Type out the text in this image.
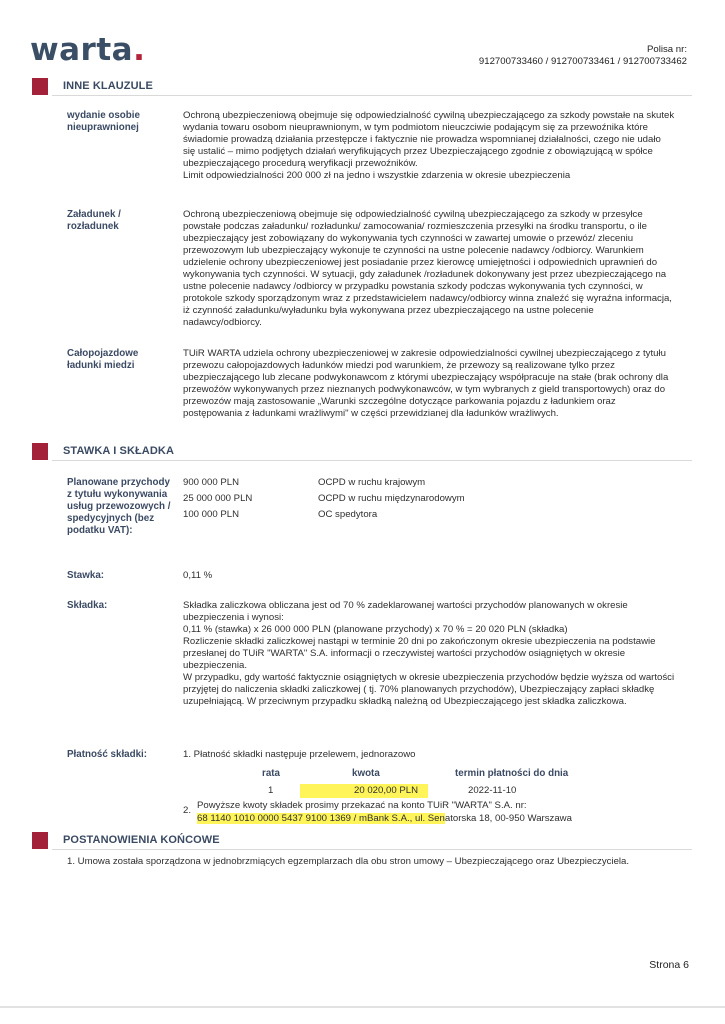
warta.	Polisa nr:
912700733460 / 912700733461 / 912700733462
INNE KLAUZULE
wydanie osobie nieuprawnionej
Ochroną ubezpieczeniową obejmuje się odpowiedzialność cywilną ubezpieczającego za szkody powstałe na skutek
wydania towaru osobom nieuprawnionym, w tym podmiotom nieuczciwie podającym się za przewoźnika które
świadomie prowadzą działania przestępcze i faktycznie nie prowadza wspomnianej działalności, czego nie udało
się ustalić – mimo podjętych działań weryfikujących przez Ubezpieczającego zgodnie z obowiązującą w spółce
ubezpieczającego procedurą weryfikacji przewoźników.
Limit odpowiedzialności 200 000 zł na jedno i wszystkie zdarzenia w okresie ubezpieczenia
Załadunek / rozładunek
Ochroną ubezpieczeniową obejmuje się odpowiedzialność cywilną ubezpieczającego za szkody w przesyłce
powstałe podczas załadunku/ rozładunku/ zamocowania/ rozmieszczenia przesyłki na środku transportu, o ile
ubezpieczający jest zobowiązany do wykonywania tych czynności w zawartej umowie o przewóz/ zleceniu
przewozowym lub ubezpieczający wykonuje te czynności na ustne polecenie nadawcy /odbiorcy. Warunkiem
udzielenie ochrony ubezpieczeniowej jest posiadanie przez kierowcę umiejętności i odpowiednich uprawnień do
wykonywania tych czynności. W sytuacji, gdy załadunek /rozładunek dokonywany jest przez ubezpieczającego na
ustne polecenie nadawcy /odbiorcy w przypadku powstania szkody podczas wykonywania tych czynności, w
protokole szkody sporządzonym wraz z przedstawicielem nadawcy/odbiorcy winna znaleźć się wyraźna informacja,
iż czynność załadunku/wyładunku była wykonywana przez ubezpieczającego na ustne polecenie
nadawcy/odbiorcy.
Całopojazdowe ładunki miedzi
TUiR WARTA udziela ochrony ubezpieczeniowej w zakresie odpowiedzialności cywilnej ubezpieczającego z tytułu
przewozu całopojazdowych ładunków miedzi pod warunkiem, że przewozy są realizowane tylko przez
ubezpieczającego lub zlecane podwykonawcom z którymi ubezpieczający współpracuje na stałe (brak ochrony dla
przewoźów wykonywanych przez nieznanych podwykonawców, w tym wybranych z gield transportowych) oraz do
przewozów mają zastosowanie „Warunki szczególne dotyczące parkowania pojazdu z ładunkiem oraz
postępowania z ładunkami wrażliwymi" w części przewidzianej dla ładunków wrażliwych.
STAWKA I SKŁADKA
Planowane przychody z tytułu wykonywania usług przewozowych / spedycyjnych (bez podatku VAT):
900 000 PLN	OCPD w ruchu krajowym
25 000 000 PLN	OCPD w ruchu międzynarodowym
100 000 PLN	OC spedytora
Stawka:	0,11 %
Składka:	Składka zaliczkowa obliczana jest od 70 % zadeklarowanej wartości przychodów planowanych w okresie
ubezpieczenia i wynosi:
0,11 % (stawka) x 26 000 000 PLN (planowane przychody) x 70 % = 20 020 PLN (składka)
Rozliczenie składki zaliczkowej nastąpi w terminie 20 dni po zakończonym okresie ubezpieczenia na podstawie
przesłanej do TUiR "WARTA" S.A. informacji o rzeczywistej wartości przychodów osiągniętych w okresie
ubezpieczenia.
W przypadku, gdy wartość faktycznie osiągniętych w okresie ubezpieczenia przychodów będzie wyższa od wartości
przyjętej do naliczenia składki zaliczkowej ( tj. 70% planowanych przychodów), Ubezpieczający zapłaci składkę
uzupełniającą. W przeciwnym przypadku składką należną od Ubezpieczającego jest składka zaliczkowa.
Płatność składki:	1. Płatność składki następuje przelewem, jednorazowo
rata	kwota	termin płatności do dnia
1	20 020,00 PLN	2022-11-10
2. Powyższe kwoty składek prosimy przekazać na konto TUiR "WARTA" S.A. nr:
68 1140 1010 0000 5437 9100 1369 / mBank S.A., ul. Senatorska 18, 00-950 Warszawa
POSTANOWIENIA KOŃCOWE
1. Umowa została sporządzona w jednobrzmiących egzemplarzach dla obu stron umowy – Ubezpieczającego oraz Ubezpieczyciela.
Strona 6
